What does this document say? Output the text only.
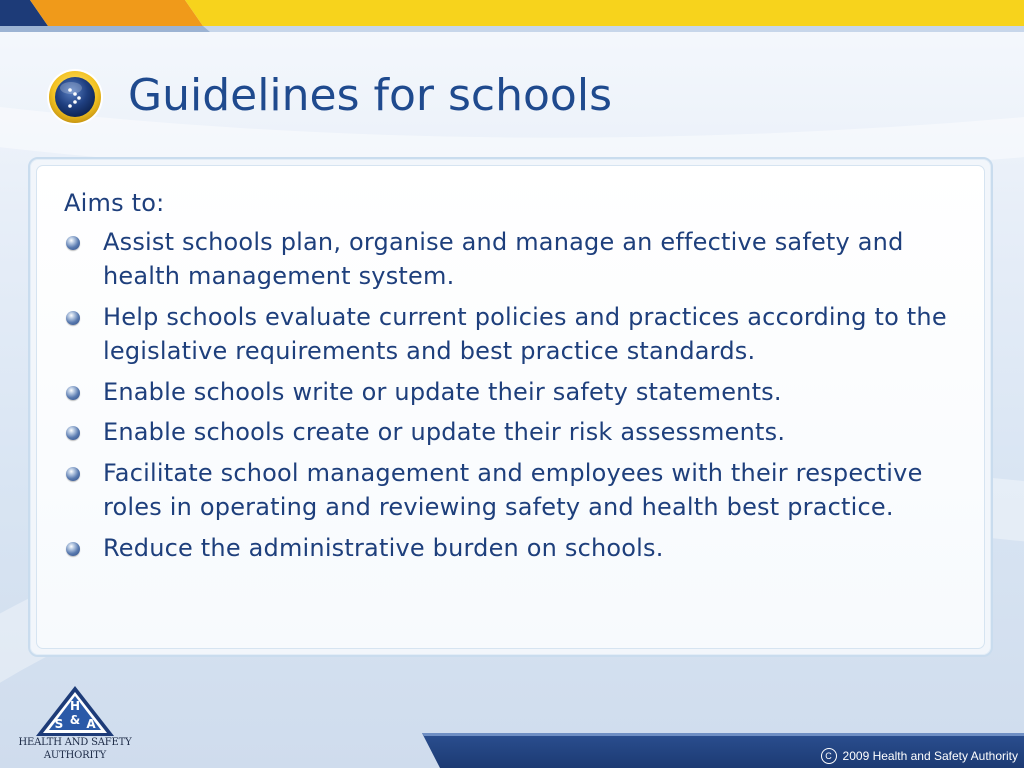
Guidelines for schools

Aims to:

Assist schools plan, organise and manage an effective safety and health management system.
Help schools evaluate current policies and practices according to the legislative requirements and best practice standards.
Enable schools write or update their safety statements.
Enable schools create or update their risk assessments.
Facilitate school management and employees with their respective roles in operating and reviewing safety and health best practice.
Reduce the administrative burden on schools.
H
S & A
HEALTH AND SAFETY
AUTHORITY	C 2009 Health and Safety Authority
